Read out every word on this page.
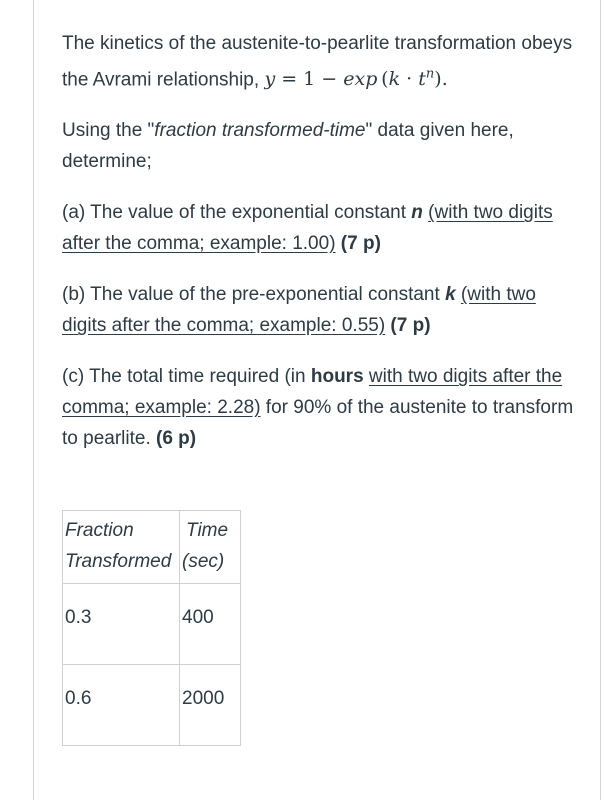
The kinetics of the austenite-to-pearlite transformation obeys the Avrami relationship, $y = 1 - \exp (k \cdot t^n)$.

Using the "fraction transformed-time" data given here, determine;

(a) The value of the exponential constant n (with two digits after the comma; example: 1.00) (7 p)

(b) The value of the pre-exponential constant k (with two digits after the comma; example: 0.55) (7 p)

(c) The total time required (in hours with two digits after the comma; example: 2.28) for 90% of the austenite to transform to pearlite. (6 p)

Fraction
Transformed	Time
(sec)
0.3	400
0.6	2000
